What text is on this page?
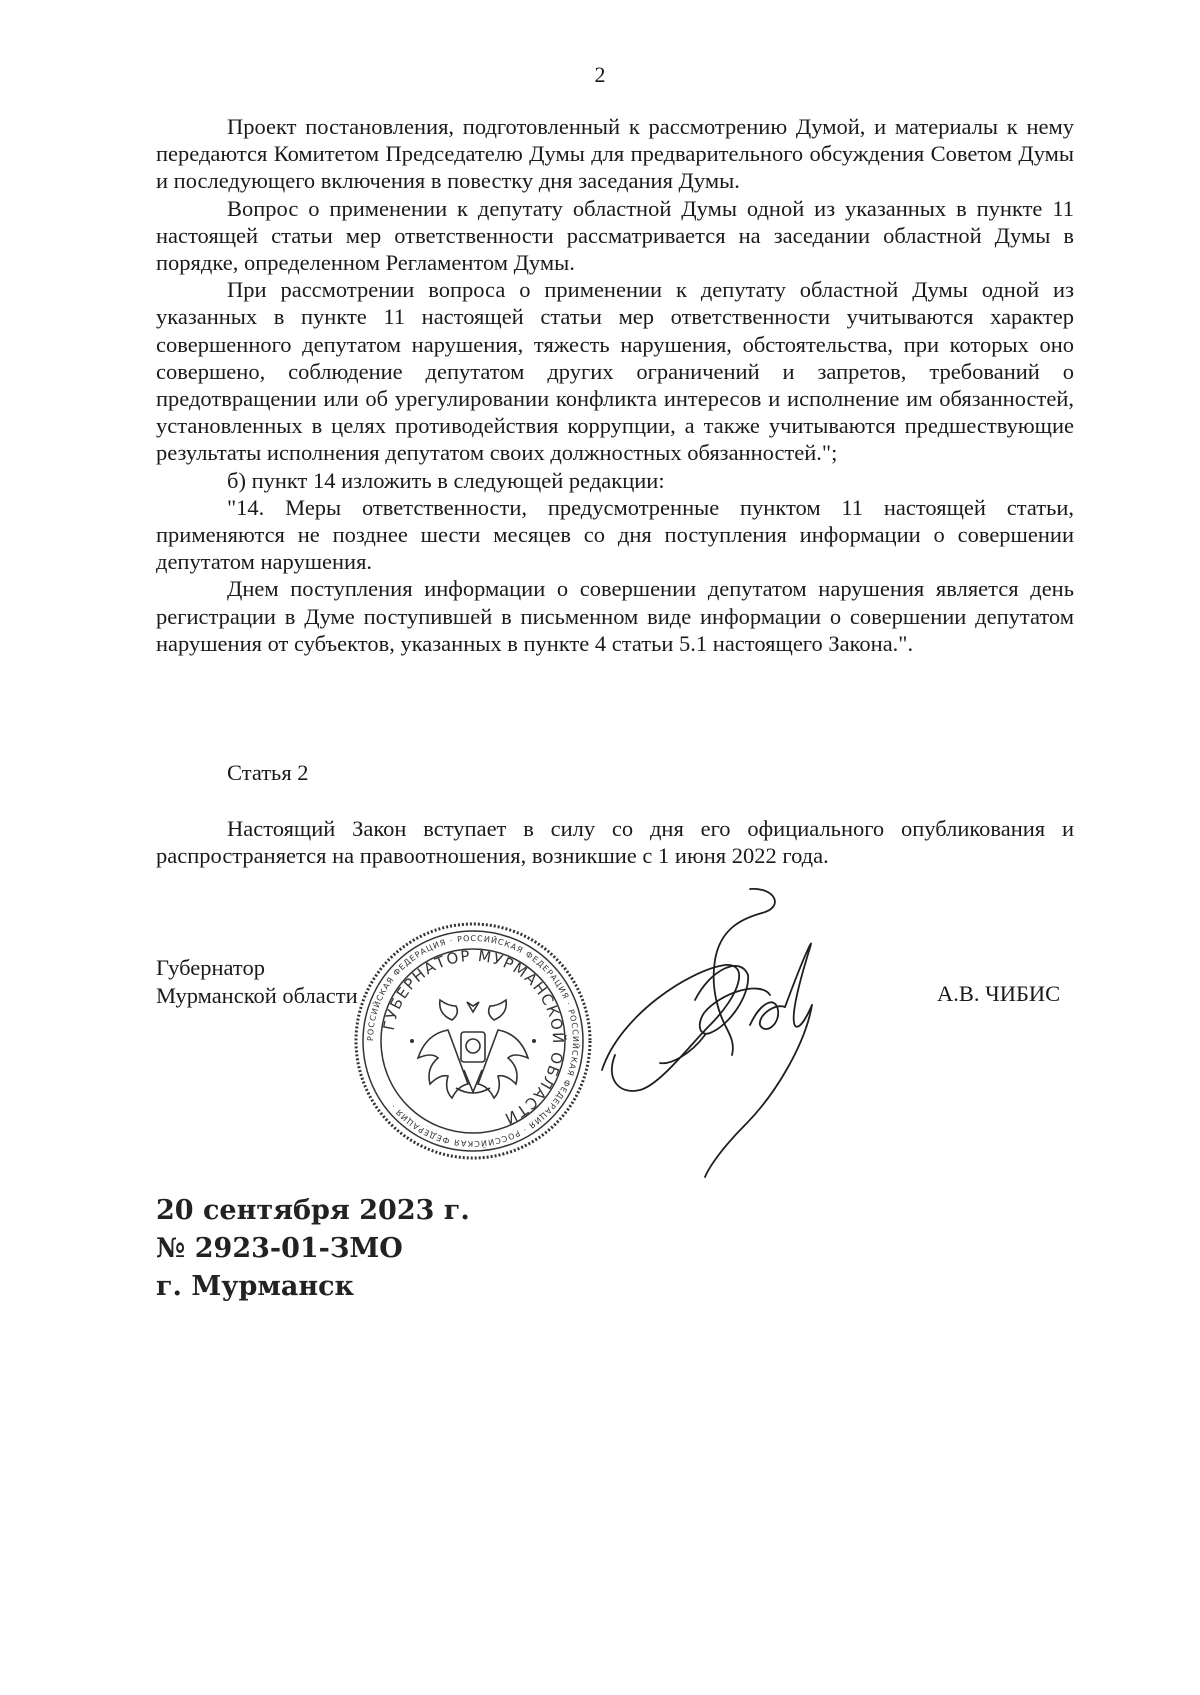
2

Проект постановления, подготовленный к рассмотрению Думой, и материалы к нему передаются Комитетом Председателю Думы для предварительного обсуждения Советом Думы и последующего включения в повестку дня заседания Думы.

Вопрос о применении к депутату областной Думы одной из указанных в пункте 11 настоящей статьи мер ответственности рассматривается на заседании областной Думы в порядке, определенном Регламентом Думы.

При рассмотрении вопроса о применении к депутату областной Думы одной из указанных в пункте 11 настоящей статьи мер ответственности учитываются характер совершенного депутатом нарушения, тяжесть нарушения, обстоятельства, при которых оно совершено, соблюдение депутатом других ограничений и запретов, требований о предотвращении или об урегулировании конфликта интересов и исполнение им обязанностей, установленных в целях противодействия коррупции, а также учитываются предшествующие результаты исполнения депутатом своих должностных обязанностей.";

б) пункт 14 изложить в следующей редакции:

"14. Меры ответственности, предусмотренные пунктом 11 настоящей статьи, применяются не позднее шести месяцев со дня поступления информации о совершении депутатом нарушения.

Днем поступления информации о совершении депутатом нарушения является день регистрации в Думе поступившей в письменном виде информации о совершении депутатом нарушения от субъектов, указанных в пункте 4 статьи 5.1 настоящего Закона.".

Статья 2

Настоящий Закон вступает в силу со дня его официального опубликования и распространяется на правоотношения, возникшие с 1 июня 2022 года.

Губернатор
Мурманской области	А.В. ЧИБИС
РОССИЙСКАЯ ФЕДЕРАЦИЯ · РОССИЙСКАЯ ФЕДЕРАЦИЯ · РОССИЙСКАЯ ФЕДЕРАЦИЯ · РОССИЙСКАЯ ФЕДЕРАЦИЯ ·
ГУБЕРНАТОР МУРМАНСКОЙ ОБЛАСТИ
20 сентября 2023 г.
№ 2923-01-ЗМО
г. Мурманск
